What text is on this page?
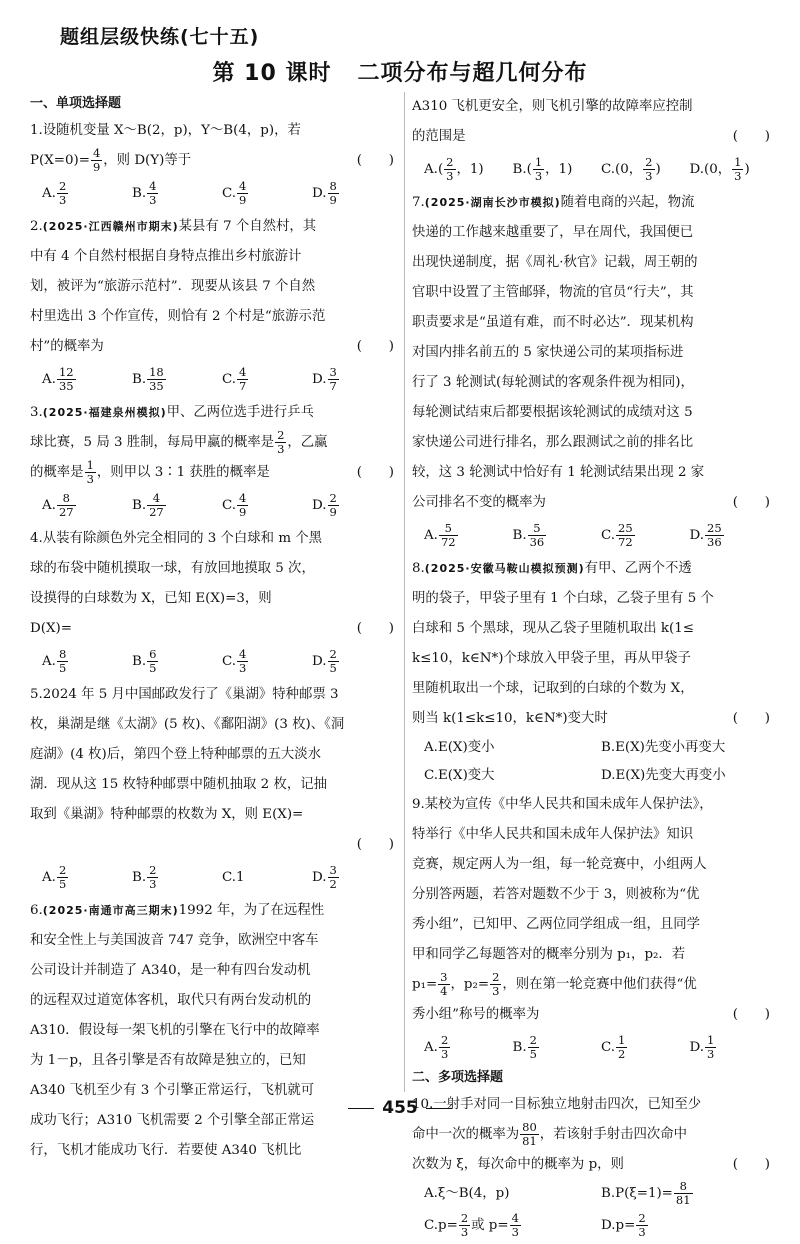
题组层级快练(七十五)
第 10 课时 二项分布与超几何分布
一、单项选择题
1.设随机变量 X～B(2，p)，Y～B(4，p)，若
$P(X=0)= \frac{4}{9}$ ，则 D(Y)等于	(　　)
A. $\frac{2}{3}$	B. $\frac{4}{3}$	C. $\frac{4}{9}$	D. $\frac{8}{9}$
2.(2025·江西赣州市期末)某县有 7 个自然村，其
中有 4 个自然村根据自身特点推出乡村旅游计
划，被评为“旅游示范村”．现要从该县 7 个自然
村里选出 3 个作宣传，则恰有 2 个村是“旅游示范
村”的概率为	(　　)
A. $\frac{12}{35}$	B. $\frac{18}{35}$	C. $\frac{4}{7}$	D. $\frac{3}{7}$
3.(2025·福建泉州模拟)甲、乙两位选手进行乒乓
球比赛，5 局 3 胜制，每局甲赢的概率是 $\frac{2}{3}$ ，乙赢
的概率是 $\frac{1}{3}$ ，则甲以 3∶1 获胜的概率是	(　　)
A. $\frac{8}{27}$	B. $\frac{4}{27}$	C. $\frac{4}{9}$	D. $\frac{2}{9}$
4.从装有除颜色外完全相同的 3 个白球和 m 个黑
球的布袋中随机摸取一球，有放回地摸取 5 次，
设摸得的白球数为 X，已知 E(X)=3，则
D(X)=	(　　)
A. $\frac{8}{5}$	B. $\frac{6}{5}$	C. $\frac{4}{3}$	D. $\frac{2}{5}$
5.2024 年 5 月中国邮政发行了《巢湖》特种邮票 3
枚，巢湖是继《太湖》(5 枚)、《鄱阳湖》(3 枚)、《洞
庭湖》(4 枚)后，第四个登上特种邮票的五大淡水
湖．现从这 15 枚特种邮票中随机抽取 2 枚，记抽
取到《巢湖》特种邮票的枚数为 X，则 E(X)=

(　　)
A. $\frac{2}{5}$	B. $\frac{2}{3}$	C.1	D. $\frac{3}{2}$
6.(2025·南通市高三期末)1992 年，为了在远程性
和安全性上与美国波音 747 竞争，欧洲空中客车
公司设计并制造了 A340，是一种有四台发动机
的远程双过道宽体客机，取代只有两台发动机的
A310．假设每一架飞机的引擎在飞行中的故障率
为 1－p，且各引擎是否有故障是独立的，已知
A340 飞机至少有 3 个引擎正常运行，飞机就可
成功飞行；A310 飞机需要 2 个引擎全部正常运
行，飞机才能成功飞行．若要使 A340 飞机比
A310 飞机更安全，则飞机引擎的故障率应控制
的范围是	(　　)
$A.( \frac{2}{3}$ ，1)	$B.( \frac{1}{3}$ ，1)	C.(0， $\frac{2}{3}$ )	D.(0， $\frac{1}{3}$ )
7.(2025·湖南长沙市模拟)随着电商的兴起，物流
快递的工作越来越重要了，早在周代，我国便已
出现快递制度，据《周礼·秋官》记载，周王朝的
官职中设置了主管邮驿，物流的官员“行夫”，其
职责要求是“虽道有难，而不时必达”．现某机构
对国内排名前五的 5 家快递公司的某项指标进
行了 3 轮测试(每轮测试的客观条件视为相同)，
每轮测试结束后都要根据该轮测试的成绩对这 5
家快递公司进行排名，那么跟测试之前的排名比
较，这 3 轮测试中恰好有 1 轮测试结果出现 2 家
公司排名不变的概率为	(　　)
A. $\frac{5}{72}$	B. $\frac{5}{36}$	C. $\frac{25}{72}$	D. $\frac{25}{36}$
8.(2025·安徽马鞍山模拟预测)有甲、乙两个不透
明的袋子，甲袋子里有 1 个白球，乙袋子里有 5 个
白球和 5 个黑球，现从乙袋子里随机取出 k(1≤
k≤10，k∈N*)个球放入甲袋子里，再从甲袋子
里随机取出一个球，记取到的白球的个数为 X，
则当 k(1≤k≤10，k∈N*)变大时	(　　)
A.E(X)变小	B.E(X)先变小再变大
C.E(X)变大	D.E(X)先变大再变小
9.某校为宣传《中华人民共和国未成年人保护法》，
特举行《中华人民共和国未成年人保护法》知识
竞赛，规定两人为一组，每一轮竞赛中，小组两人
分别答两题，若答对题数不少于 3，则被称为“优
秀小组”，已知甲、乙两位同学组成一组，且同学
甲和同学乙每题答对的概率分别为 p₁，p₂．若
$p_1= \frac{3}{4}$ ，$p_2= \frac{2}{3}$ ，则在第一轮竞赛中他们获得“优
秀小组”称号的概率为	(　　)
A. $\frac{2}{3}$	B. $\frac{2}{5}$	C. $\frac{1}{2}$	D. $\frac{1}{3}$
二、多项选择题
10.一射手对同一目标独立地射击四次，已知至少
命中一次的概率为 $\frac{80}{81}$ ，若该射手射击四次命中
次数为 ξ，每次命中的概率为 p，则	(　　)
A.ξ～B(4，p)	$B.P(\xi=1)= \frac{8}{81}$
$C.p= \frac{2}{3}$ 或 $p= \frac{4}{3}$	$D.p= \frac{2}{3}$
455
